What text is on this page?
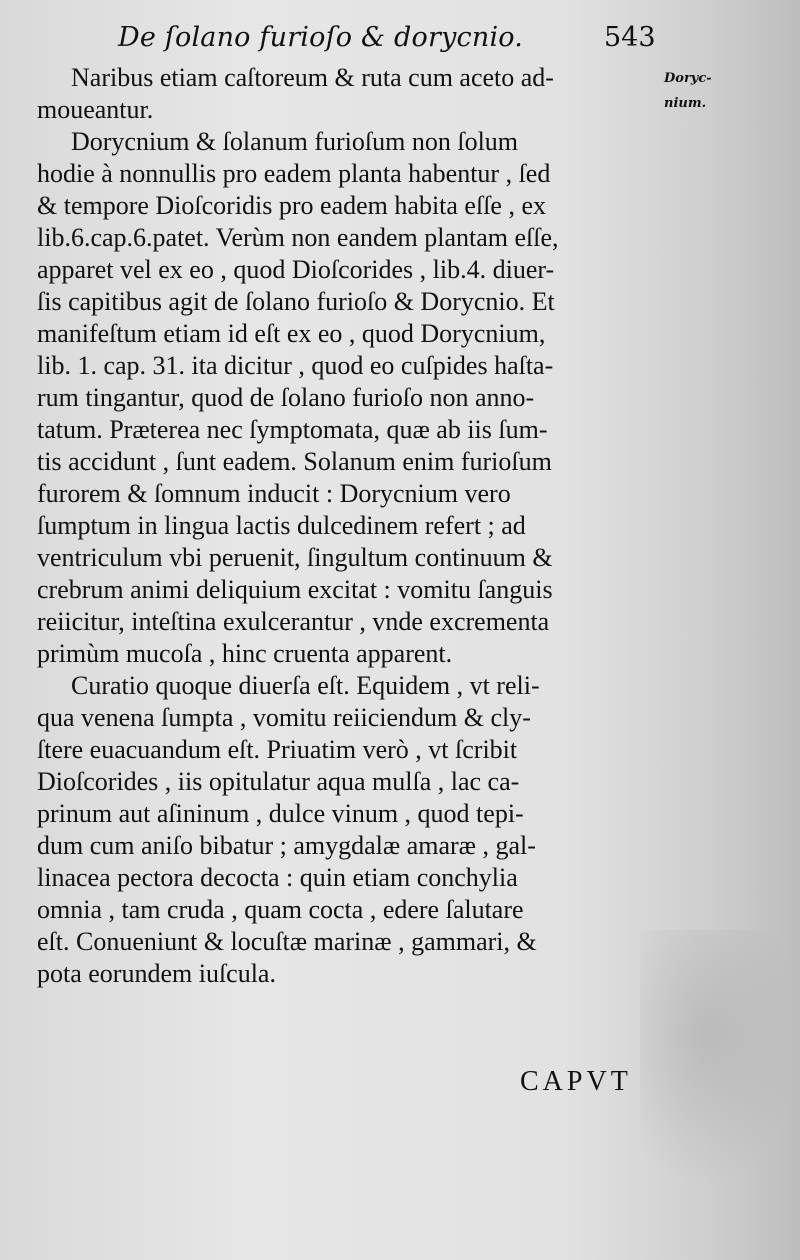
De ſolano furioſo & dorycnio.	543
Doryc-
nium.
Naribus etiam caſtoreum & ruta cum aceto ad-
moueantur.
Dorycnium & ſolanum furioſum non ſolum
hodie à nonnullis pro eadem planta habentur , ſed
& tempore Dioſcoridis pro eadem habita eſſe , ex
lib.6.cap.6.patet. Verùm non eandem plantam eſſe,
apparet vel ex eo , quod Dioſcorides , lib.4. diuer-
ſis capitibus agit de ſolano furioſo & Dorycnio. Et
manifeſtum etiam id eſt ex eo , quod Dorycnium,
lib. 1. cap. 31. ita dicitur , quod eo cuſpides haſta-
rum tingantur, quod de ſolano furioſo non anno-
tatum. Præterea nec ſymptomata, quæ ab iis ſum-
tis accidunt , ſunt eadem. Solanum enim furioſum
furorem & ſomnum inducit : Dorycnium vero
ſumptum in lingua lactis dulcedinem refert ; ad
ventriculum vbi peruenit, ſingultum continuum &
crebrum animi deliquium excitat : vomitu ſanguis
reiicitur, inteſtina exulcerantur , vnde excrementa
primùm mucoſa , hinc cruenta apparent.
Curatio quoque diuerſa eſt. Equidem , vt reli-
qua venena ſumpta , vomitu reiiciendum & cly-
ſtere euacuandum eſt. Priuatim verò , vt ſcribit
Dioſcorides , iis opitulatur aqua mulſa , lac ca-
prinum aut aſininum , dulce vinum , quod tepi-
dum cum aniſo bibatur ; amygdalæ amaræ , gal-
linacea pectora decocta : quin etiam conchylia
omnia , tam cruda , quam cocta , edere ſalutare
eſt. Conueniunt & locuſtæ marinæ , gammari, &
pota eorundem iuſcula.
CAPVT
